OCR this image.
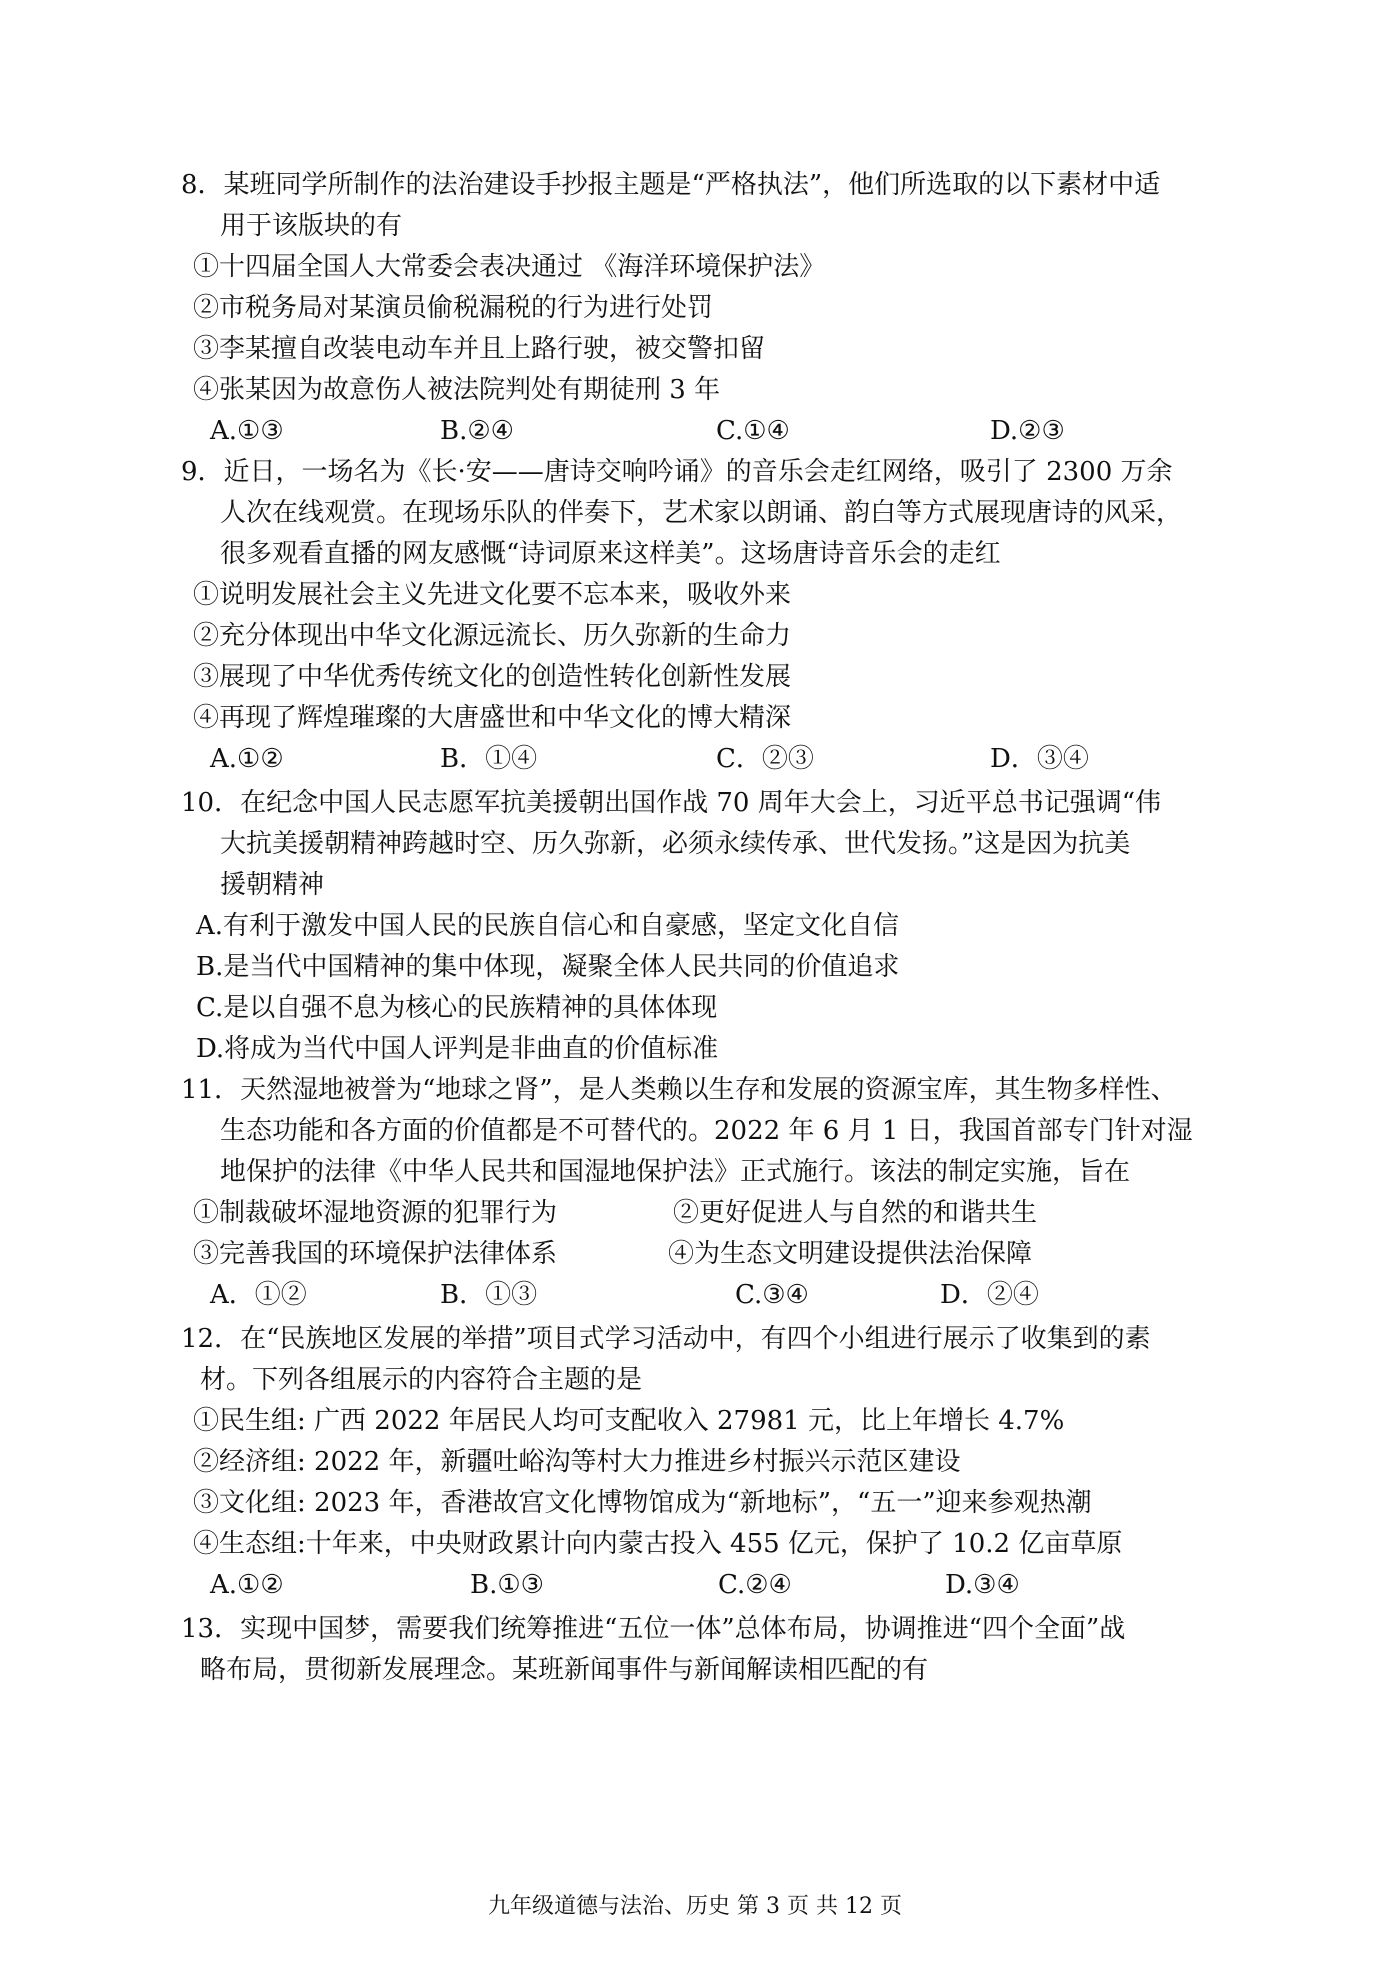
8．某班同学所制作的法治建设手抄报主题是“严格执法”，他们所选取的以下素材中适
用于该版块的有
①十四届全国人大常委会表决通过 《海洋环境保护法》
②市税务局对某演员偷税漏税的行为进行处罚
③李某擅自改装电动车并且上路行驶，被交警扣留
④张某因为故意伤人被法院判处有期徒刑 3 年
A.①③	B.②④	C.①④	D.②③
9．近日，一场名为《长·安——唐诗交响吟诵》的音乐会走红网络，吸引了 2300 万余
人次在线观赏。在现场乐队的伴奏下，艺术家以朗诵、韵白等方式展现唐诗的风采，
很多观看直播的网友感慨“诗词原来这样美”。这场唐诗音乐会的走红
①说明发展社会主义先进文化要不忘本来，吸收外来
②充分体现出中华文化源远流长、历久弥新的生命力
③展现了中华优秀传统文化的创造性转化创新性发展
④再现了辉煌璀璨的大唐盛世和中华文化的博大精深
A.①②	B．①④	C．②③	D．③④
10．在纪念中国人民志愿军抗美援朝出国作战 70 周年大会上，习近平总书记强调“伟
大抗美援朝精神跨越时空、历久弥新，必须永续传承、世代发扬。”这是因为抗美
援朝精神
A.有利于激发中国人民的民族自信心和自豪感，坚定文化自信
B.是当代中国精神的集中体现，凝聚全体人民共同的价值追求
C.是以自强不息为核心的民族精神的具体体现
D.将成为当代中国人评判是非曲直的价值标准
11．天然湿地被誉为“地球之肾”，是人类赖以生存和发展的资源宝库，其生物多样性、
生态功能和各方面的价值都是不可替代的。2022 年 6 月 1 日，我国首部专门针对湿
地保护的法律《中华人民共和国湿地保护法》正式施行。该法的制定实施，旨在
①制裁破坏湿地资源的犯罪行为	②更好促进人与自然的和谐共生
③完善我国的环境保护法律体系	④为生态文明建设提供法治保障
A．①②	B．①③	C.③④	D．②④
12．在“民族地区发展的举措”项目式学习活动中，有四个小组进行展示了收集到的素
材。下列各组展示的内容符合主题的是
①民生组: 广西 2022 年居民人均可支配收入 27981 元，比上年增长 4.7%
②经济组: 2022 年，新疆吐峪沟等村大力推进乡村振兴示范区建设
③文化组: 2023 年，香港故宫文化博物馆成为“新地标”，“五一”迎来参观热潮
④生态组:十年来，中央财政累计向内蒙古投入 455 亿元，保护了 10.2 亿亩草原
A.①②	B.①③	C.②④	D.③④
13．实现中国梦，需要我们统筹推进“五位一体”总体布局，协调推进“四个全面”战
略布局，贯彻新发展理念。某班新闻事件与新闻解读相匹配的有
九年级道德与法治、历史 第 3 页 共 12 页
